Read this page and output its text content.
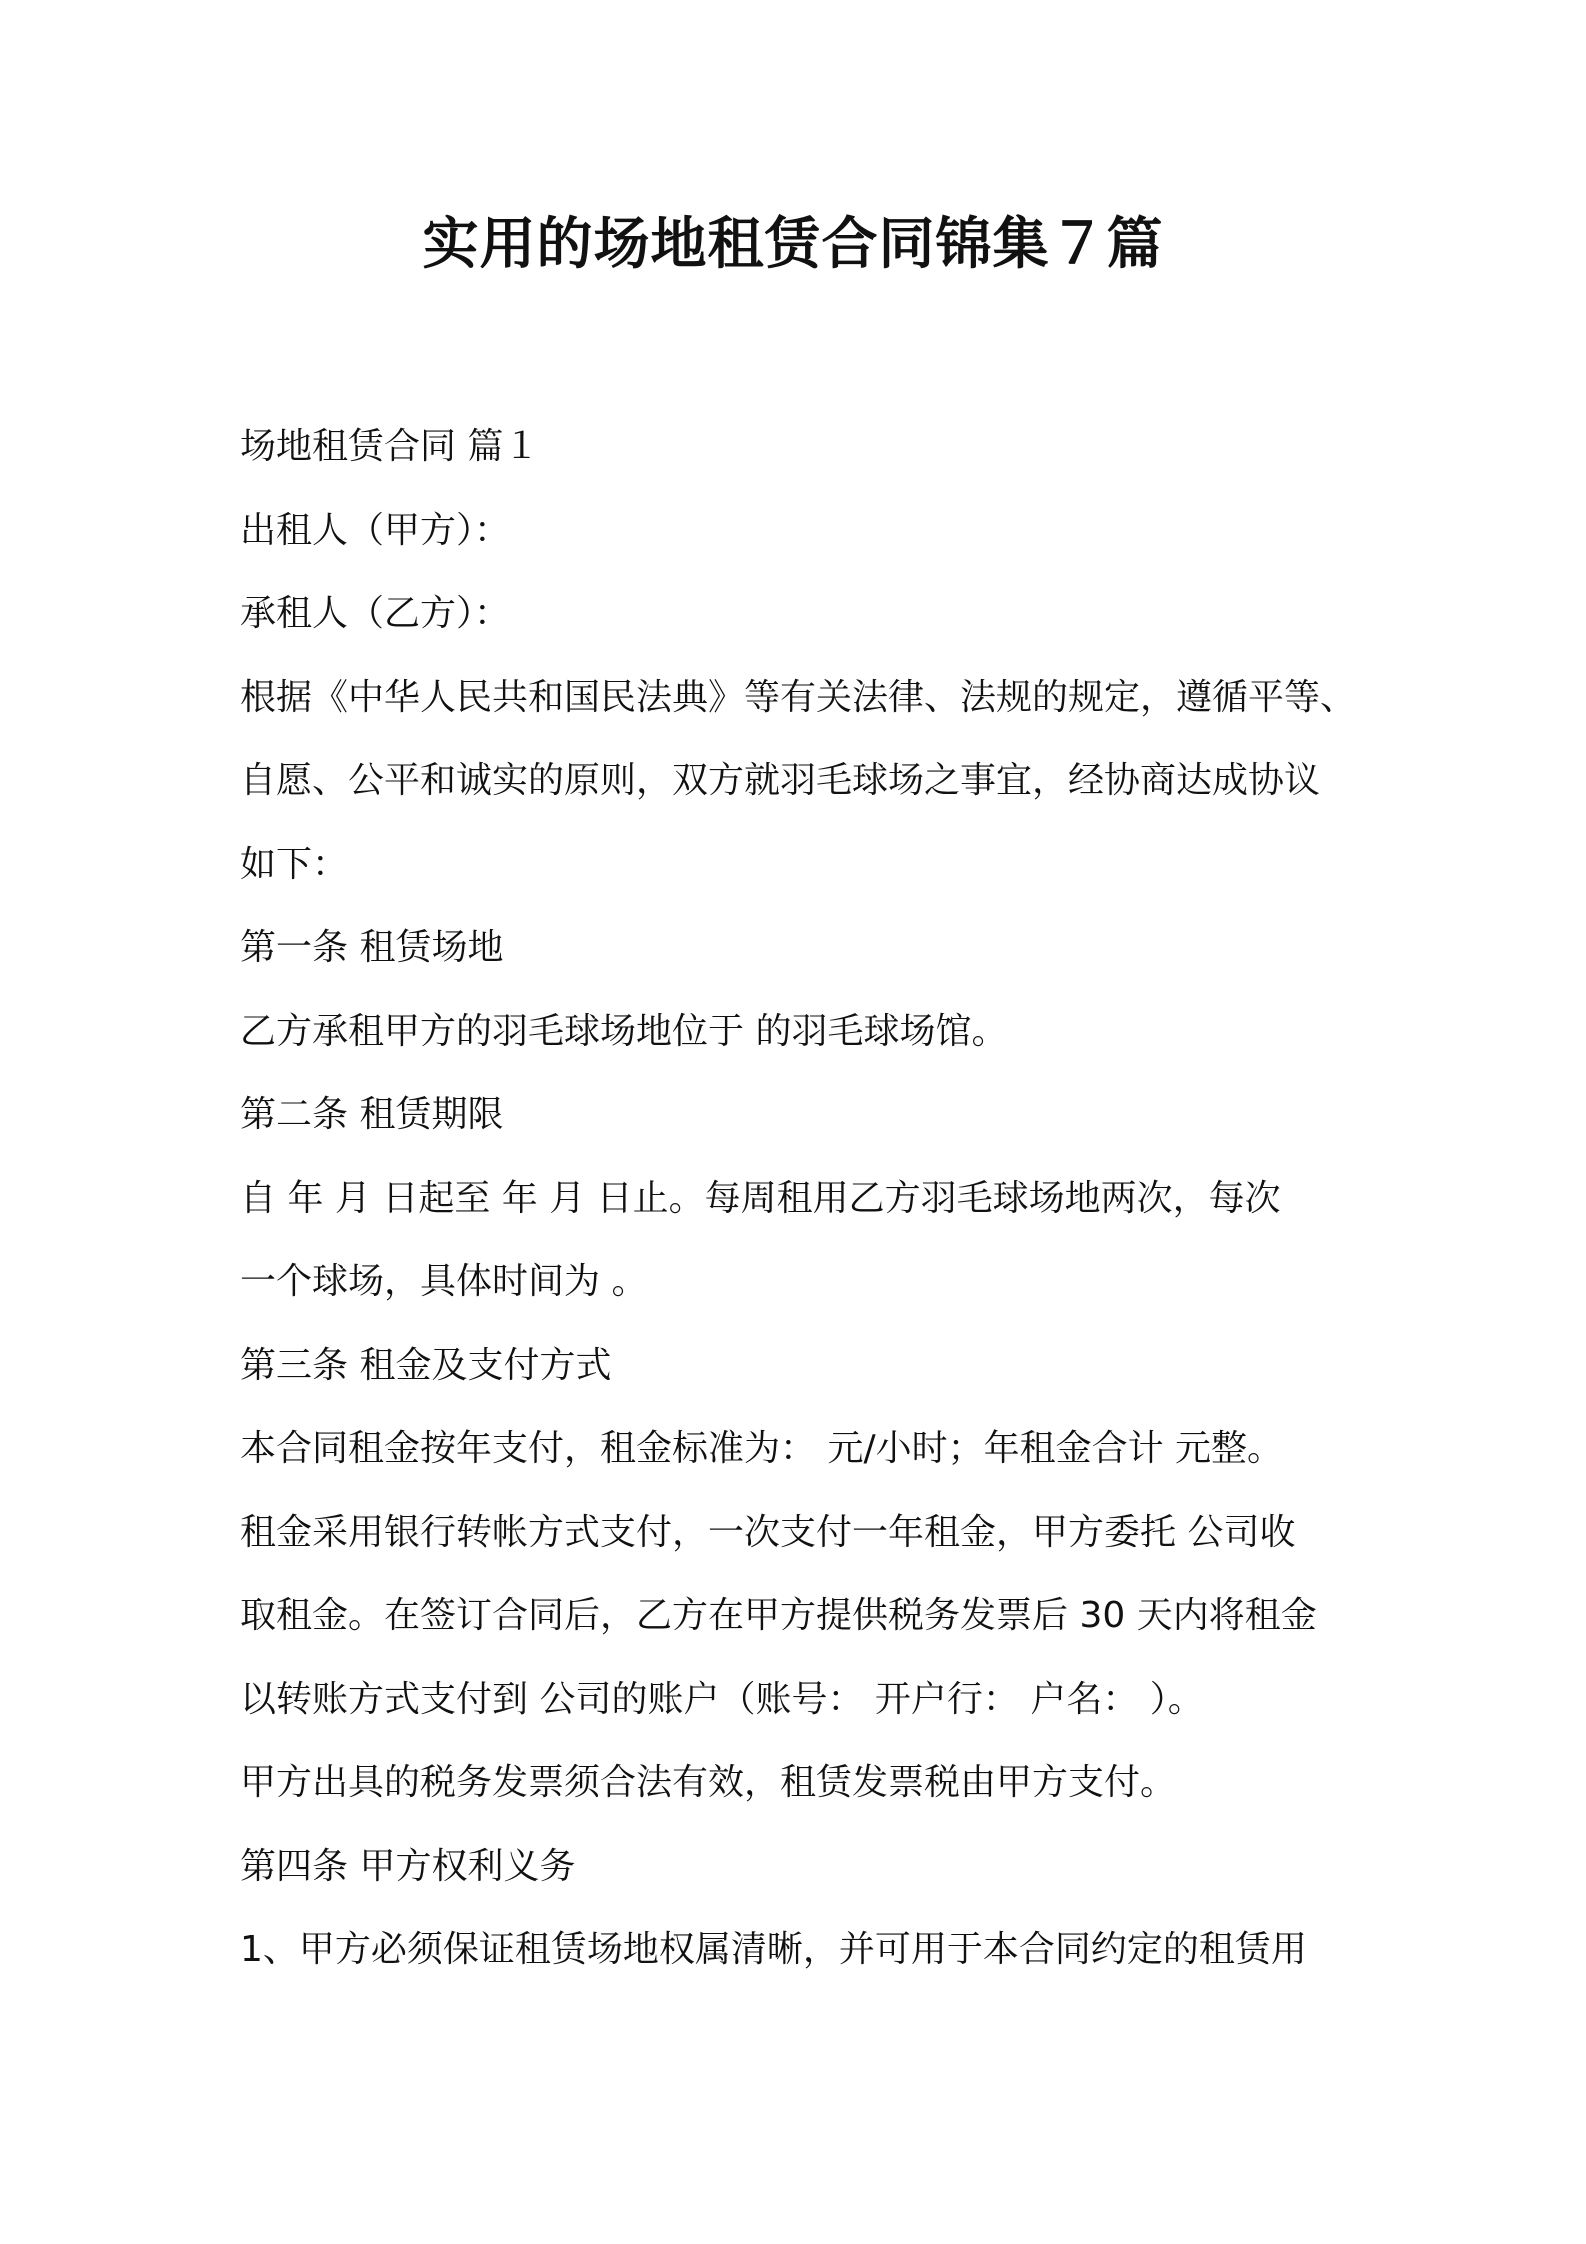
实用的场地租赁合同锦集７篇

场地租赁合同 篇１

出租人（甲方）：

承租人（乙方）：

根据《中华人民共和国民法典》等有关法律、法规的规定，遵循平等、

自愿、公平和诚实的原则，双方就羽毛球场之事宜，经协商达成协议

如下：

第一条 租赁场地

乙方承租甲方的羽毛球场地位于 的羽毛球场馆。

第二条 租赁期限

自 年 月 日起至 年 月 日止。每周租用乙方羽毛球场地两次，每次

一个球场，具体时间为 。

第三条 租金及支付方式

本合同租金按年支付，租金标准为： 元/小时；年租金合计 元整。

租金采用银行转帐方式支付，一次支付一年租金，甲方委托 公司收

取租金。在签订合同后，乙方在甲方提供税务发票后 30 天内将租金

以转账方式支付到 公司的账户（账号： 开户行： 户名： ）。

甲方出具的税务发票须合法有效，租赁发票税由甲方支付。

第四条 甲方权利义务

1、甲方必须保证租赁场地权属清晰，并可用于本合同约定的租赁用
